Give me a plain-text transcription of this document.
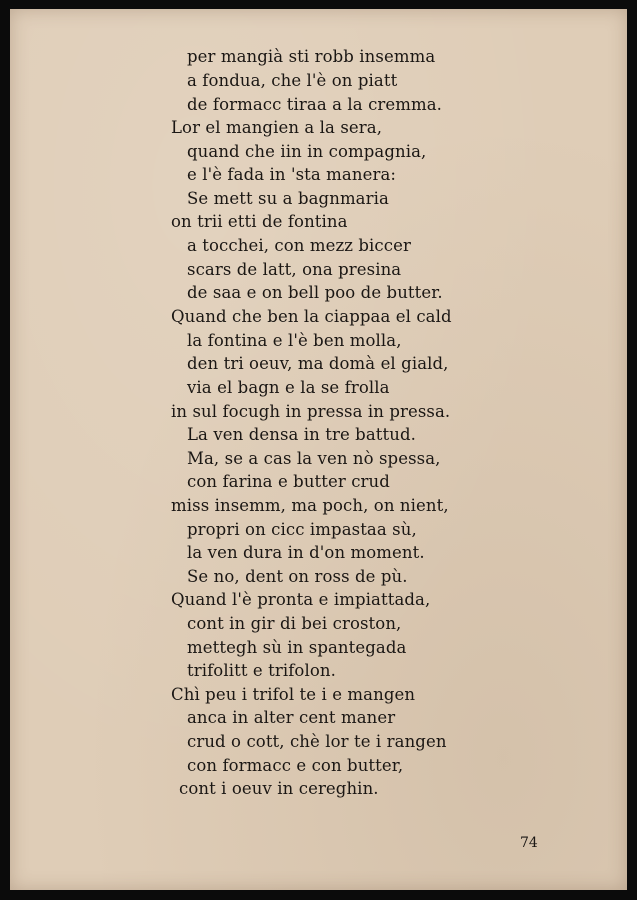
per mangià sti robb insemma
a fondua, che l'è on piatt
de formacc tiraa a la cremma.
Lor el mangien a la sera,
quand che iin in compagnia,
e l'è fada in 'sta manera:
Se mett su a bagnmaria
on trii etti de fontina
a tocchei, con mezz biccer
scars de latt, ona presina
de saa e on bell poo de butter.
Quand che ben la ciappaa el cald
la fontina e l'è ben molla,
den tri oeuv, ma domà el giald,
via el bagn e la se frolla
in sul focugh in pressa in pressa.
La ven densa in tre battud.
Ma, se a cas la ven nò spessa,
con farina e butter crud
miss insemm, ma poch, on nient,
propri on cicc impastaa sù,
la ven dura in d'on moment.
Se no, dent on ross de pù.
Quand l'è pronta e impiattada,
cont in gir di bei croston,
mettegh sù in spantegada
trifolitt e trifolon.
Chì peu i trifol te i e mangen
anca in alter cent maner
crud o cott, chè lor te i rangen
con formacc e con butter,
cont i oeuv in cereghin.
74
